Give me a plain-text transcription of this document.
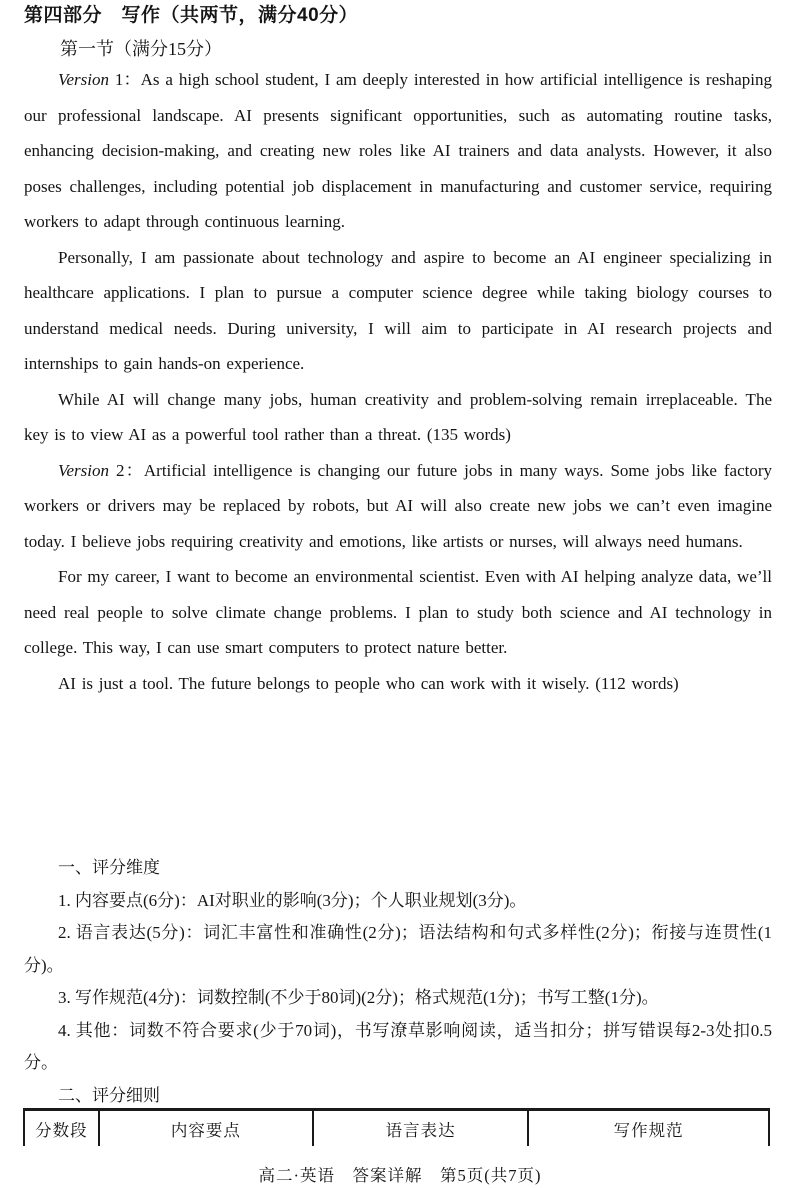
第四部分　写作（共两节，满分40分）
第一节（满分15分）

Version 1：As a high school student, I am deeply interested in how artificial intelligence is reshaping our professional landscape. AI presents significant opportunities, such as automating routine tasks, enhancing decision-making, and creating new roles like AI trainers and data analysts. However, it also poses challenges, including potential job displacement in manufacturing and customer service, requiring workers to adapt through continuous learning.

Personally, I am passionate about technology and aspire to become an AI engineer specializing in healthcare applications. I plan to pursue a computer science degree while taking biology courses to understand medical needs. During university, I will aim to participate in AI research projects and internships to gain hands-on experience.

While AI will change many jobs, human creativity and problem-solving remain irreplaceable. The key is to view AI as a powerful tool rather than a threat. (135 words)

Version 2：Artificial intelligence is changing our future jobs in many ways. Some jobs like factory workers or drivers may be replaced by robots, but AI will also create new jobs we can’t even imagine today. I believe jobs requiring creativity and emotions, like artists or nurses, will always need humans.

For my career, I want to become an environmental scientist. Even with AI helping analyze data, we’ll need real people to solve climate change problems. I plan to study both science and AI technology in college. This way, I can use smart computers to protect nature better.

AI is just a tool. The future belongs to people who can work with it wisely. (112 words)

一、评分维度

1. 内容要点(6分)：AI对职业的影响(3分)；个人职业规划(3分)。

2. 语言表达(5分)：词汇丰富性和准确性(2分)；语法结构和句式多样性(2分)；衔接与连贯性(1分)。

3. 写作规范(4分)：词数控制(不少于80词)(2分)；格式规范(1分)；书写工整(1分)。

4. 其他：词数不符合要求(少于70词)，书写潦草影响阅读，适当扣分；拼写错误每2-3处扣0.5分。

二、评分细则

分数段	内容要点	语言表达	写作规范
高二·英语　答案详解　第5页(共7页)
